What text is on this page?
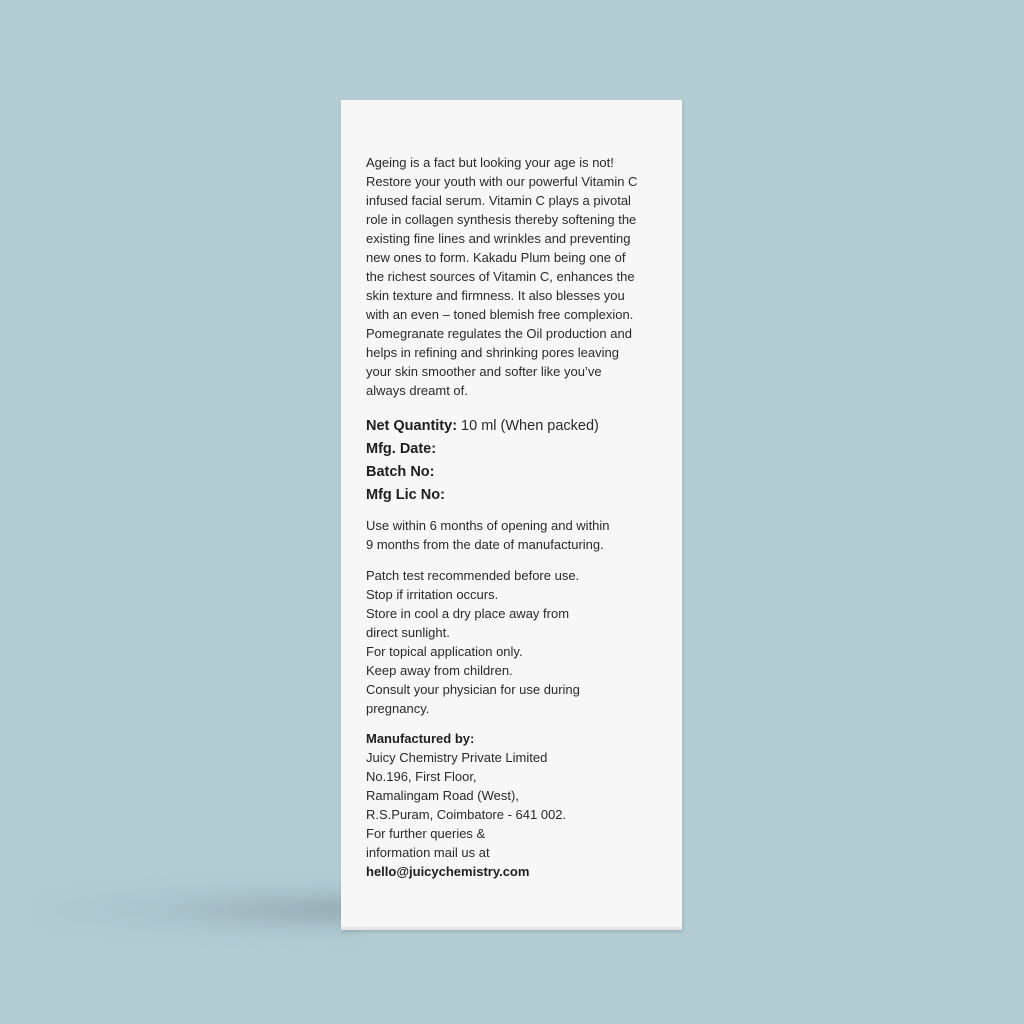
Ageing is a fact but looking your age is not!
Restore your youth with our powerful Vitamin C
infused facial serum. Vitamin C plays a pivotal
role in collagen synthesis thereby softening the
existing fine lines and wrinkles and preventing
new ones to form. Kakadu Plum being one of
the richest sources of Vitamin C, enhances the
skin texture and firmness. It also blesses you
with an even – toned blemish free complexion.
Pomegranate regulates the Oil production and
helps in refining and shrinking pores leaving
your skin smoother and softer like you’ve
always dreamt of.

Net Quantity: 10 ml (When packed)
Mfg. Date:
Batch No:
Mfg Lic No:

Use within 6 months of opening and within
9 months from the date of manufacturing.

Patch test recommended before use.
Stop if irritation occurs.
Store in cool a dry place away from
direct sunlight.
For topical application only.
Keep away from children.
Consult your physician for use during
pregnancy.

Manufactured by:

Juicy Chemistry Private Limited
No.196, First Floor,
Ramalingam Road (West),
R.S.Puram, Coimbatore - 641 002.
For further queries &
information mail us at

hello@juicychemistry.com
